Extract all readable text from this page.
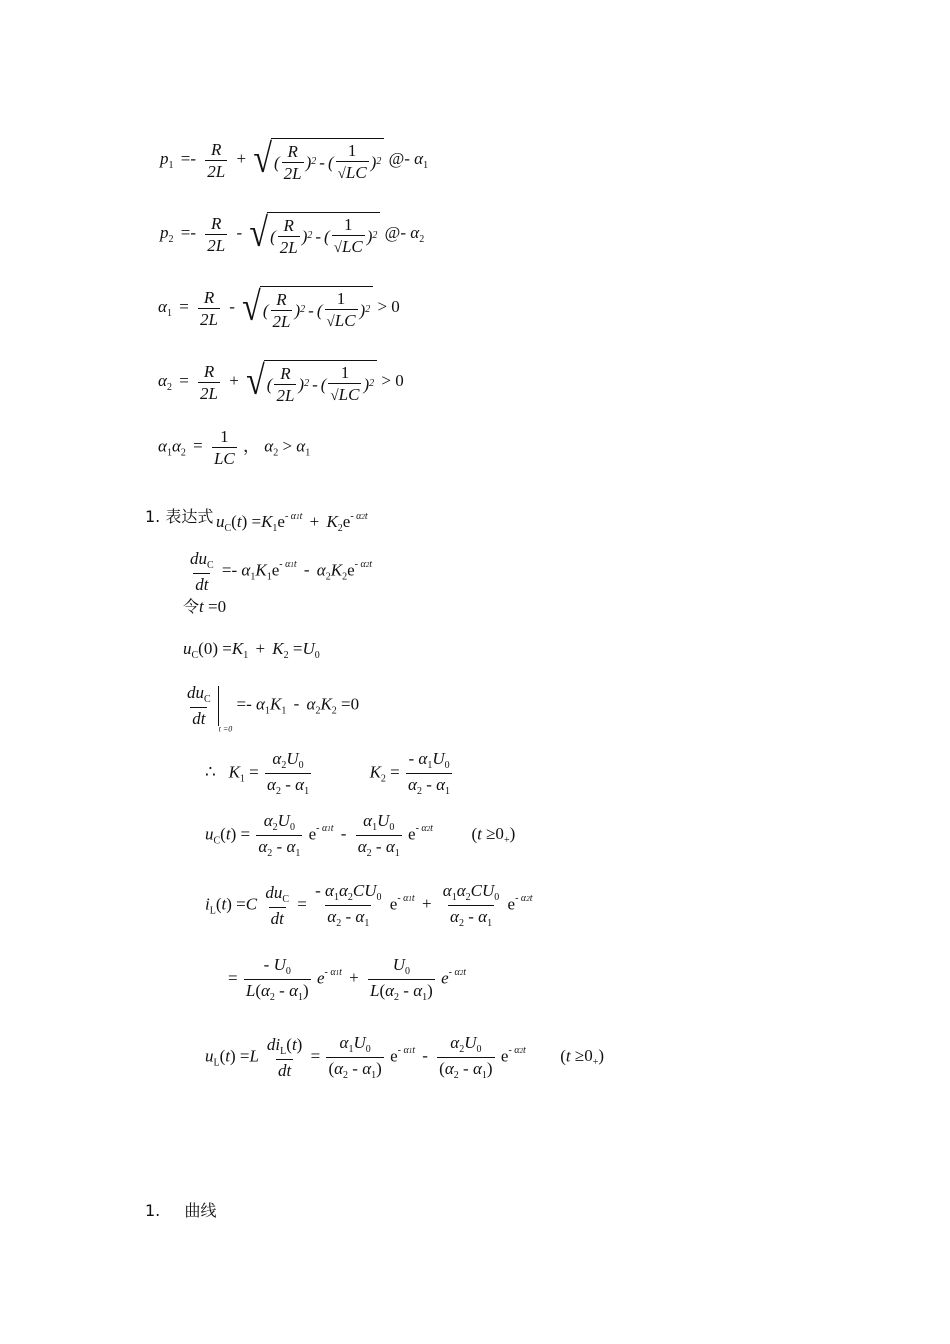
$p_1 =- \frac{R}{2L}$ + √ ( $\frac{R}{2L}$ ) 2 - ( $\frac{1}{√LC}$ ) 2 @- $\alpha_1$
$p_2 =- \frac{R}{2L}$ - √ ( $\frac{R}{2L}$ ) 2 - ( $\frac{1}{√LC}$ ) 2 @- $\alpha_2$
$\alpha_1 = \frac{R}{2L}$ - √ ( $\frac{R}{2L}$ ) 2 - ( $\frac{1}{√LC}$ ) 2 > 0
$\alpha_2 = \frac{R}{2L}$ + √ ( $\frac{R}{2L}$ ) 2 - ( $\frac{1}{√LC}$ ) 2 > 0
$\alpha_1\alpha_2 = \frac{1}{LC}$ ， $\alpha_2 > \alpha_1$
1. 表达式 $u_C(t) =K_1e^{- \alpha 1t} + K_2e^{- \alpha 2t}$
$\frac{du_C}{dt} =- \alpha_1K_1e^{- \alpha 1t} - \alpha_2K_2e^{- \alpha 2t}$
令t =0
$u_C(0) =K_1 + K_2 =U_0$
$\frac{du_C}{dt}$
$_{t =0} =- \alpha_1K_1 - \alpha_2K_2 =0$
∴   $K_1 = \frac{\alpha_2U_0}{\alpha_2 - \alpha_1}$	$K_2 = \frac{- \alpha_1U_0}{\alpha_2 - \alpha_1}$
$u_C(t) = \frac{\alpha_2U_0}{\alpha_2 - \alpha_1} e^{- \alpha 1t} - \frac{\alpha_1U_0}{\alpha_2 - \alpha_1} e^{- \alpha 2t}$ $(t \ge 0_+)$
$i_L(t) =C \frac{du_C}{dt} = \frac{- \alpha_1\alpha_2CU_0}{\alpha_2 - \alpha_1} e^{- \alpha 1t} + \frac{\alpha_1\alpha_2CU_0}{\alpha_2 - \alpha_1} e^{- \alpha 2t}$
= $\frac{- U_0}{L(\alpha_2 - \alpha_1)} e^{- \alpha 1t} + \frac{U_0}{L(\alpha_2 - \alpha_1)} e^{- \alpha 2t}$
$u_L(t) =L \frac{di_L(t)}{dt} = \frac{\alpha_1U_0}{(\alpha_2 - \alpha_1)} e^{- \alpha 1t} - \frac{\alpha_2U_0}{(\alpha_2 - \alpha_1)} e^{- \alpha 2t}$ $(t \ge 0_+)$
1. 曲线
